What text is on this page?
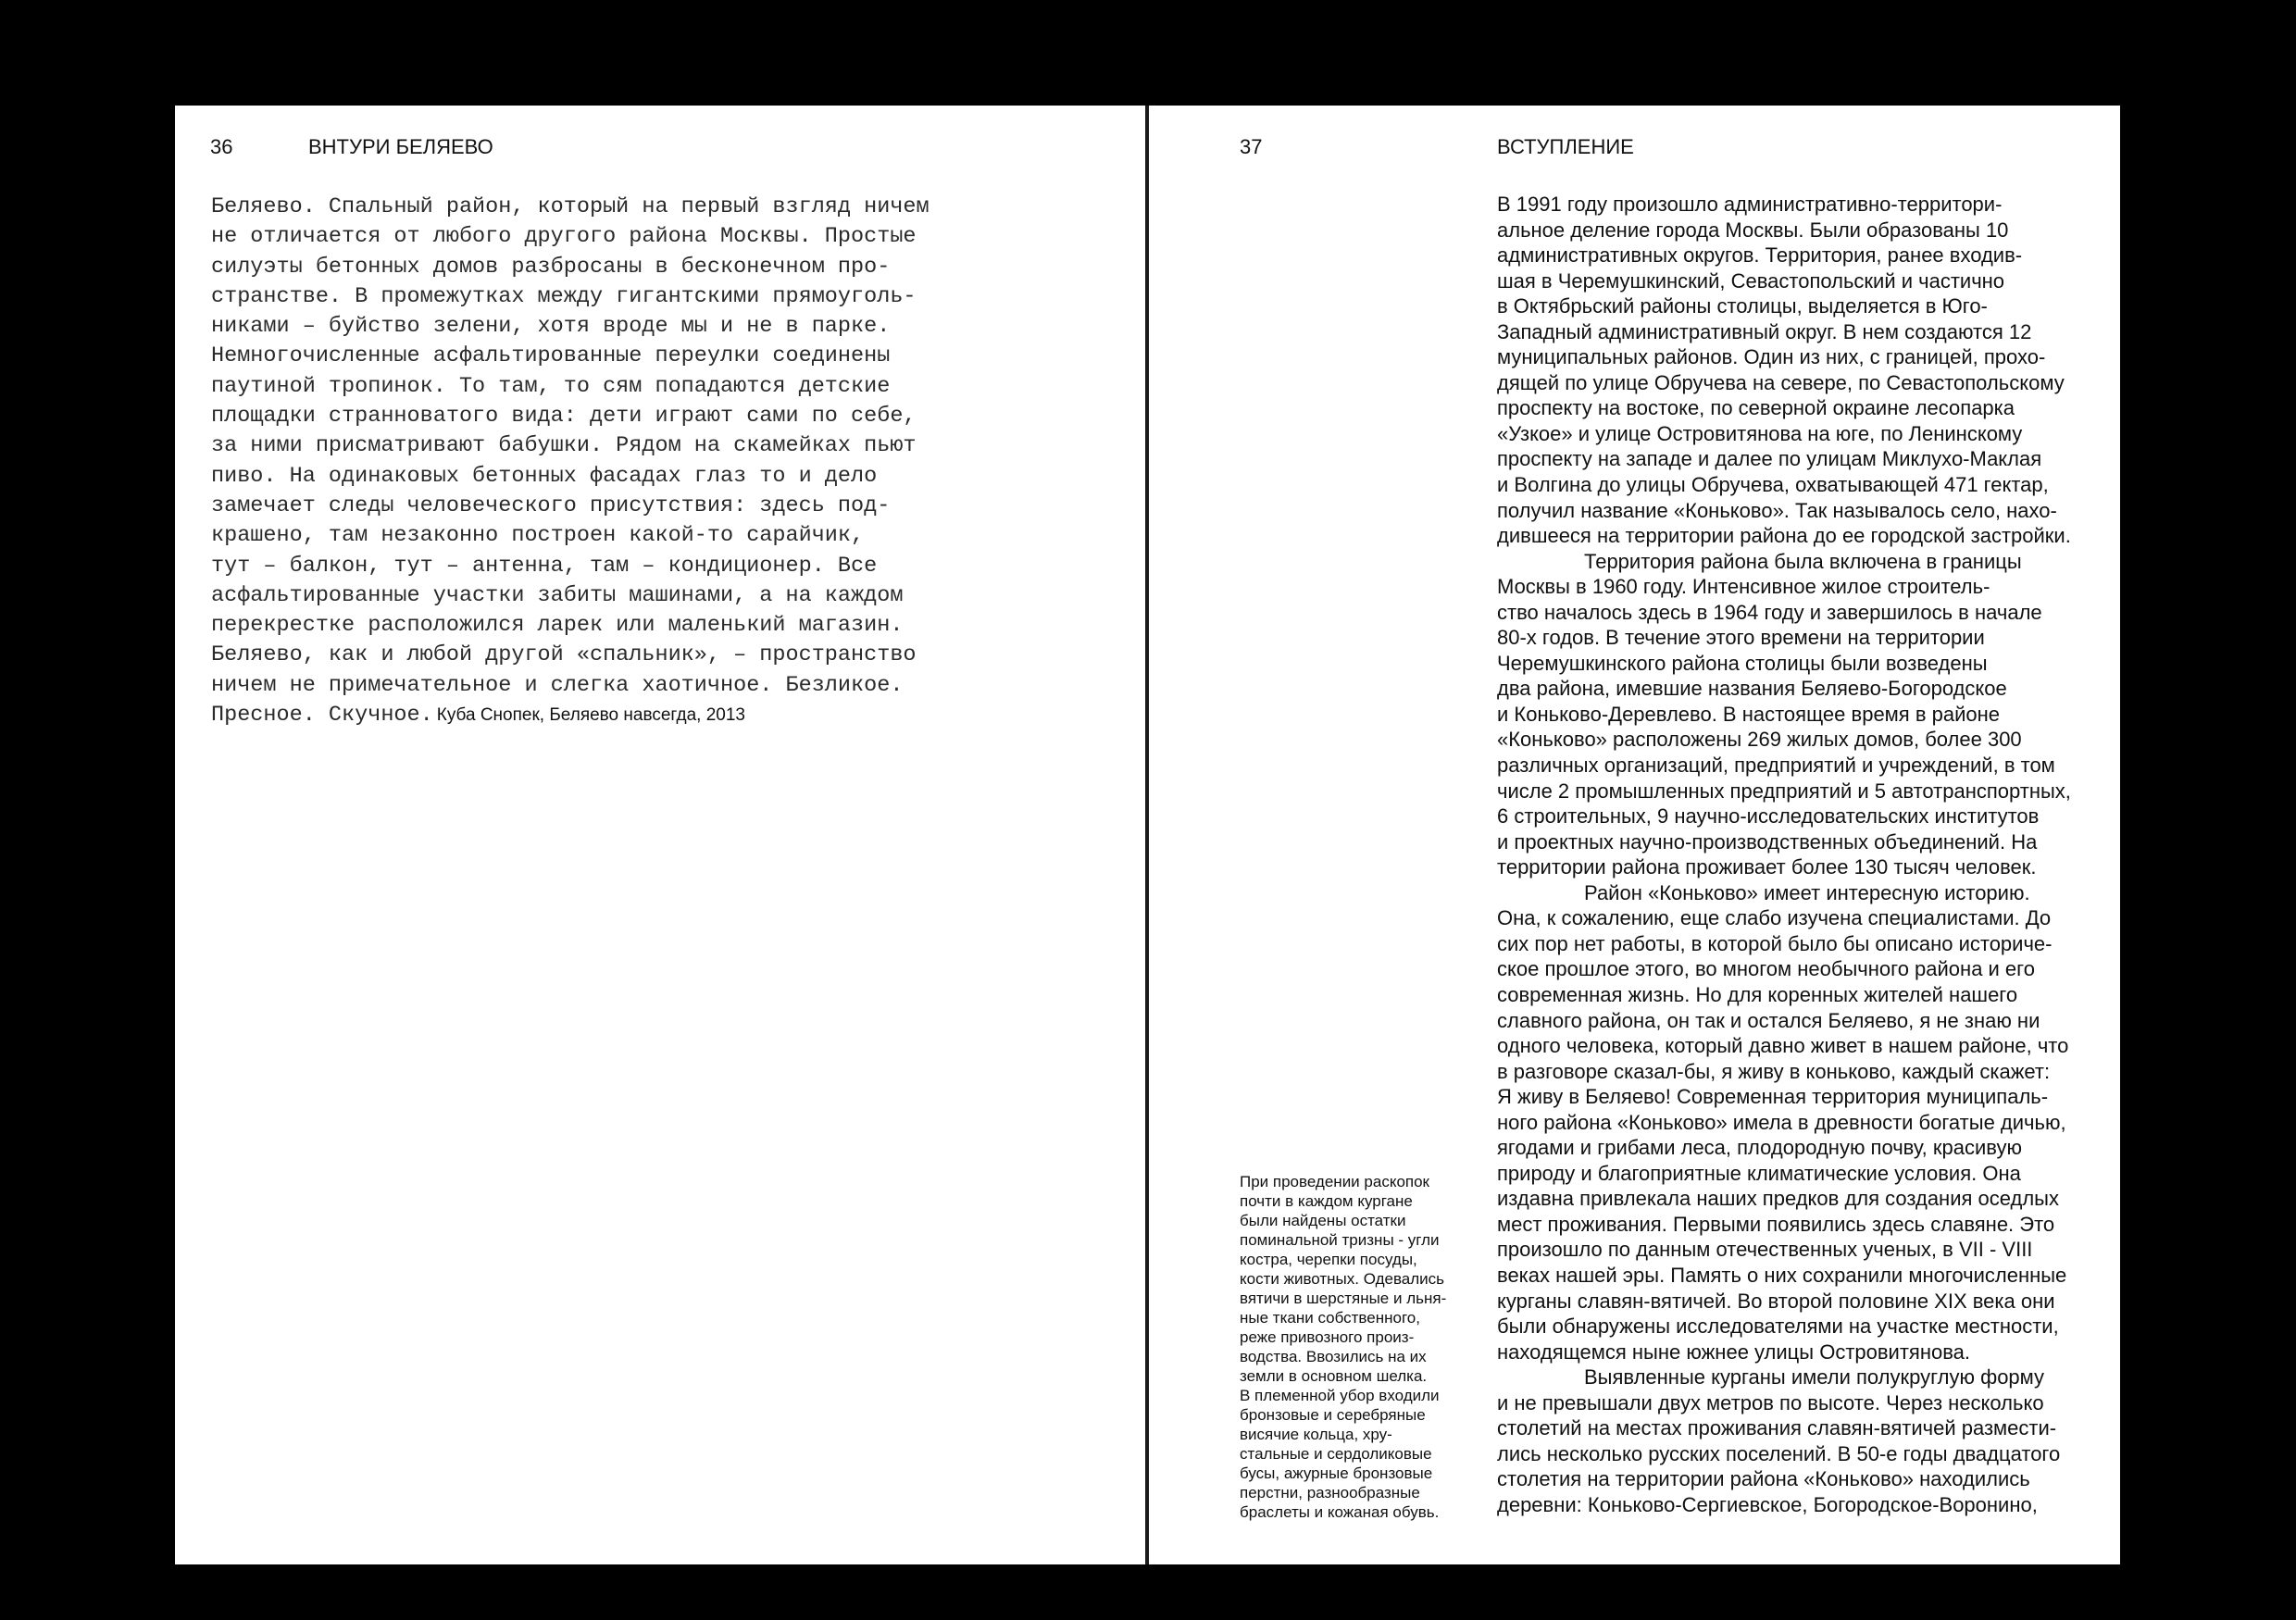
36	ВНТУРИ БЕЛЯЕВО

Беляево. Спальный район, который на первый взгляд ничем
не отличается от любого другого района Москвы. Простые
силуэты бетонных домов разбросаны в бесконечном про-
странстве. В промежутках между гигантскими прямоуголь-
никами – буйство зелени, хотя вроде мы и не в парке.
Немногочисленные асфальтированные переулки соединены
паутиной тропинок. То там, то сям попадаются детские
площадки странноватого вида: дети играют сами по себе,
за ними присматривают бабушки. Рядом на скамейках пьют
пиво. На одинаковых бетонных фасадах глаз то и дело
замечает следы человеческого присутствия: здесь под-
крашено, там незаконно построен какой-то сарайчик,
тут – балкон, тут – антенна, там – кондиционер. Все
асфальтированные участки забиты машинами, а на каждом
перекрестке расположился ларек или маленький магазин.
Беляево, как и любой другой «спальник», – пространство
ничем не примечательное и слегка хаотичное. Безликое.
Пресное. Скучное. Куба Снопек, Беляево навсегда, 2013

37	ВСТУПЛЕНИЕ

При проведении раскопок
почти в каждом кургане
были найдены остатки
поминальной тризны - угли
костра, черепки посуды,
кости животных. Одевались
вятичи в шерстяные и льня-
ные ткани собственного,
реже привозного произ-
водства. Ввозились на их
земли в основном шелка.
В племенной убор входили
бронзовые и серебряные
висячие кольца, хру-
стальные и сердоликовые
бусы, ажурные бронзовые
перстни, разнообразные
браслеты и кожаная обувь.
В 1991 году произошло административно-территори-
альное деление города Москвы. Были образованы 10
административных округов. Территория, ранее входив-
шая в Черемушкинский, Севастопольский и частично
в Октябрьский районы столицы, выделяется в Юго-
Западный административный округ. В нем создаются 12
муниципальных районов. Один из них, с границей, прохо-
дящей по улице Обручева на севере, по Севастопольскому
проспекту на востоке, по северной окраине лесопарка
«Узкое» и улице Островитянова на юге, по Ленинскому
проспекту на западе и далее по улицам Миклухо-Маклая
и Волгина до улицы Обручева, охватывающей 471 гектар,
получил название «Коньково». Так называлось село, нахо-
дившееся на территории района до ее городской застройки.
Территория района была включена в границы
Москвы в 1960 году. Интенсивное жилое строитель-
ство началось здесь в 1964 году и завершилось в начале
80-х годов. В течение этого времени на территории
Черемушкинского района столицы были возведены
два района, имевшие названия Беляево-Богородское
и Коньково-Деревлево. В настоящее время в районе
«Коньково» расположены 269 жилых домов, более 300
различных организаций, предприятий и учреждений, в том
числе 2 промышленных предприятий и 5 автотранспортных,
6 строительных, 9 научно-исследовательских институтов
и проектных научно-производственных объединений. На
территории района проживает более 130 тысяч человек.
Район «Коньково» имеет интересную историю.
Она, к сожалению, еще слабо изучена специалистами. До
сих пор нет работы, в которой было бы описано историче-
ское прошлое этого, во многом необычного района и его
современная жизнь. Но для коренных жителей нашего
славного района, он так и остался Беляево, я не знаю ни
одного человека, который давно живет в нашем районе, что
в разговоре сказал-бы, я живу в коньково, каждый скажет:
Я живу в Беляево! Современная территория муниципаль-
ного района «Коньково» имела в древности богатые дичью,
ягодами и грибами леса, плодородную почву, красивую
природу и благоприятные климатические условия. Она
издавна привлекала наших предков для создания оседлых
мест проживания. Первыми появились здесь славяне. Это
произошло по данным отечественных ученых, в VII - VIII
веках нашей эры. Память о них сохранили многочисленные
курганы славян-вятичей. Во второй половине XIX века они
были обнаружены исследователями на участке местности,
находящемся ныне южнее улицы Островитянова.
Выявленные курганы имели полукруглую форму
и не превышали двух метров по высоте. Через несколько
столетий на местах проживания славян-вятичей размести-
лись несколько русских поселений. В 50-е годы двадцатого
столетия на территории района «Коньково» находились
деревни: Коньково-Сергиевское, Богородское-Воронино,
